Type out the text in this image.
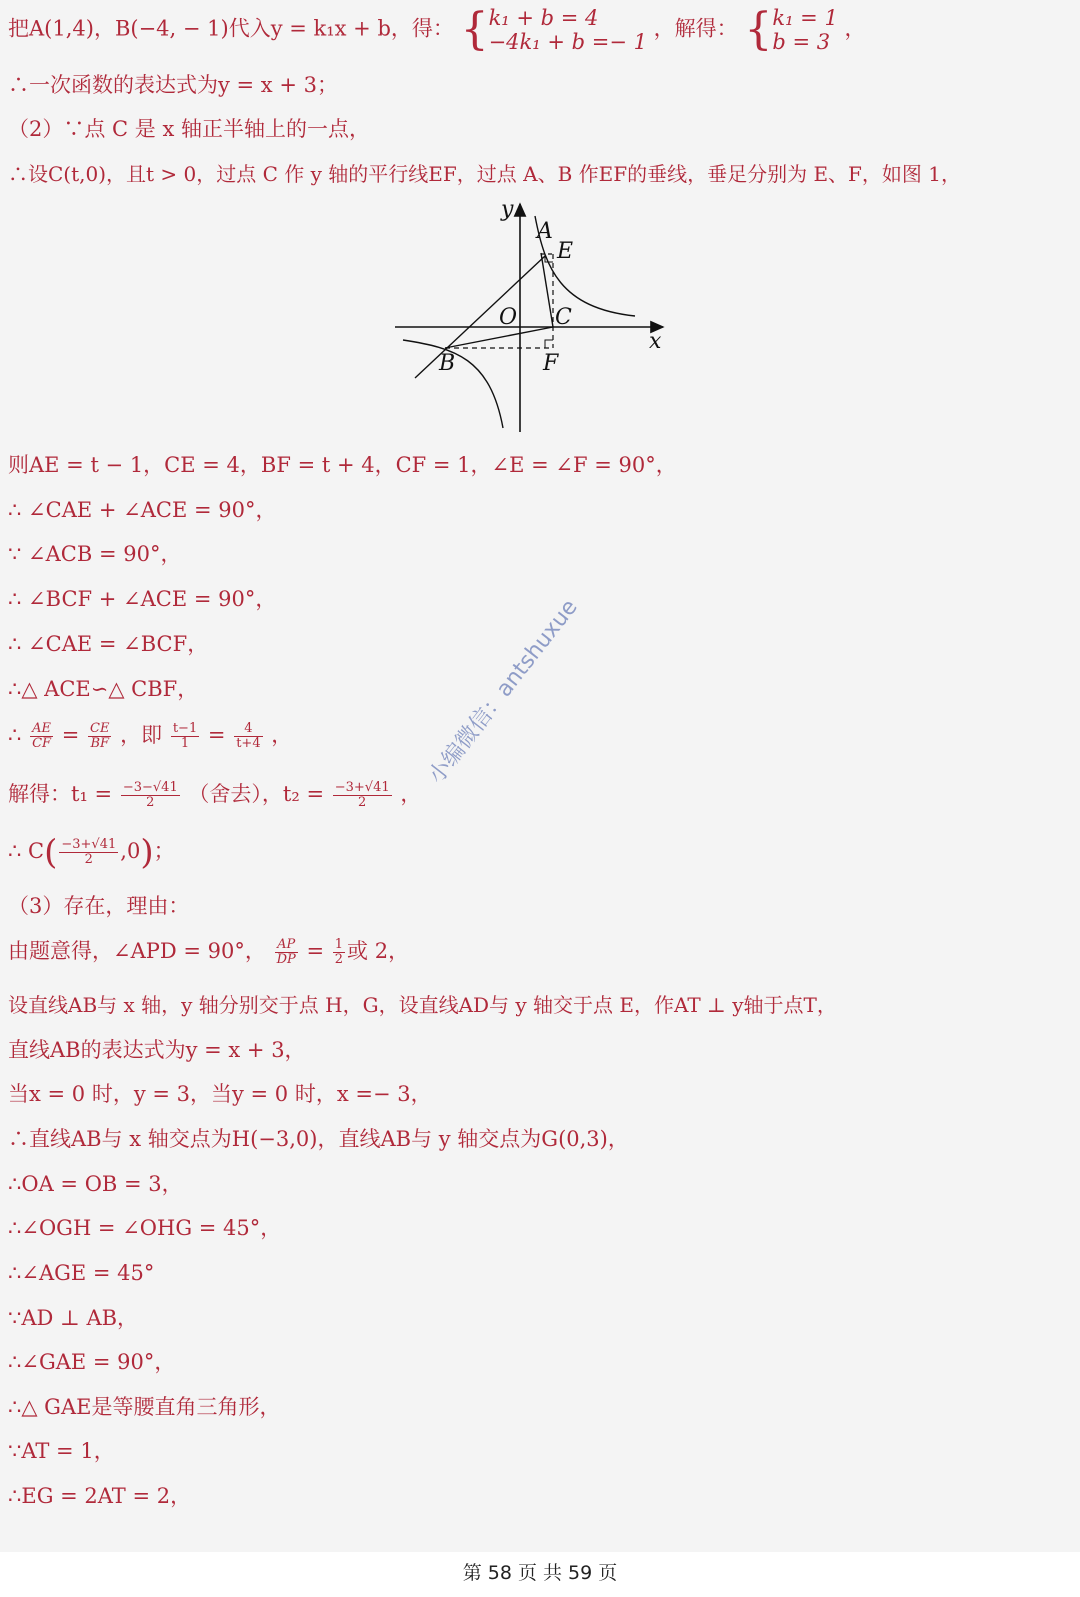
把A(1,4)，B(−4, − 1)代入y = k₁x + b，得： { k₁ + b = 4
−4k₁ + b =− 1
，解得： { k₁ = 1
b = 3
，
∴一次函数的表达式为y = x + 3；
（2）∵点 C 是 x 轴正半轴上的一点，
∴设C(t,0)，且t > 0，过点 C 作 y 轴的平行线EF，过点 A、B 作EF的垂线，垂足分别为 E、F，如图 1，
y
x
A
E
O C
B	F
则AE = t − 1，CE = 4，BF = t + 4，CF = 1，∠E = ∠F = 90°，
∴ ∠CAE + ∠ACE = 90°，
∵ ∠ACB = 90°，
∴ ∠BCF + ∠ACE = 90°，
∴ ∠CAE = ∠BCF，
∴△ ACE∽△ CBF，
∴ $\frac{AE}{CF} = \frac{CE}{BF}$ ，即 $\frac{t-1}{1} = \frac{4}{t+4}$ ，
解得：$t_1 = \frac{-3-√41}{2}$ （舍去），$t_2 = \frac{-3+√41}{2}$ ，
∴ $C( \frac{-3+√41}{2} ,0)$；
（3）存在，理由：
由题意得，∠APD = 90°， $\frac{AP}{DP} = \frac{1}{2}$ 或 2，
设直线AB与 x 轴，y 轴分别交于点 H，G，设直线AD与 y 轴交于点 E，作AT ⊥ y轴于点T，
直线AB的表达式为y = x + 3，
当x = 0 时，y = 3，当y = 0 时，x =− 3，
∴直线AB与 x 轴交点为H(−3,0)，直线AB与 y 轴交点为G(0,3)，
∴OA = OB = 3，
∴∠OGH = ∠OHG = 45°，
∴∠AGE = 45°
∵AD ⊥ AB，
∴∠GAE = 90°，
∴△ GAE是等腰直角三角形，
∵AT = 1，
∴EG = 2AT = 2，
小编微信：antshuxue
第 58 页 共 59 页
